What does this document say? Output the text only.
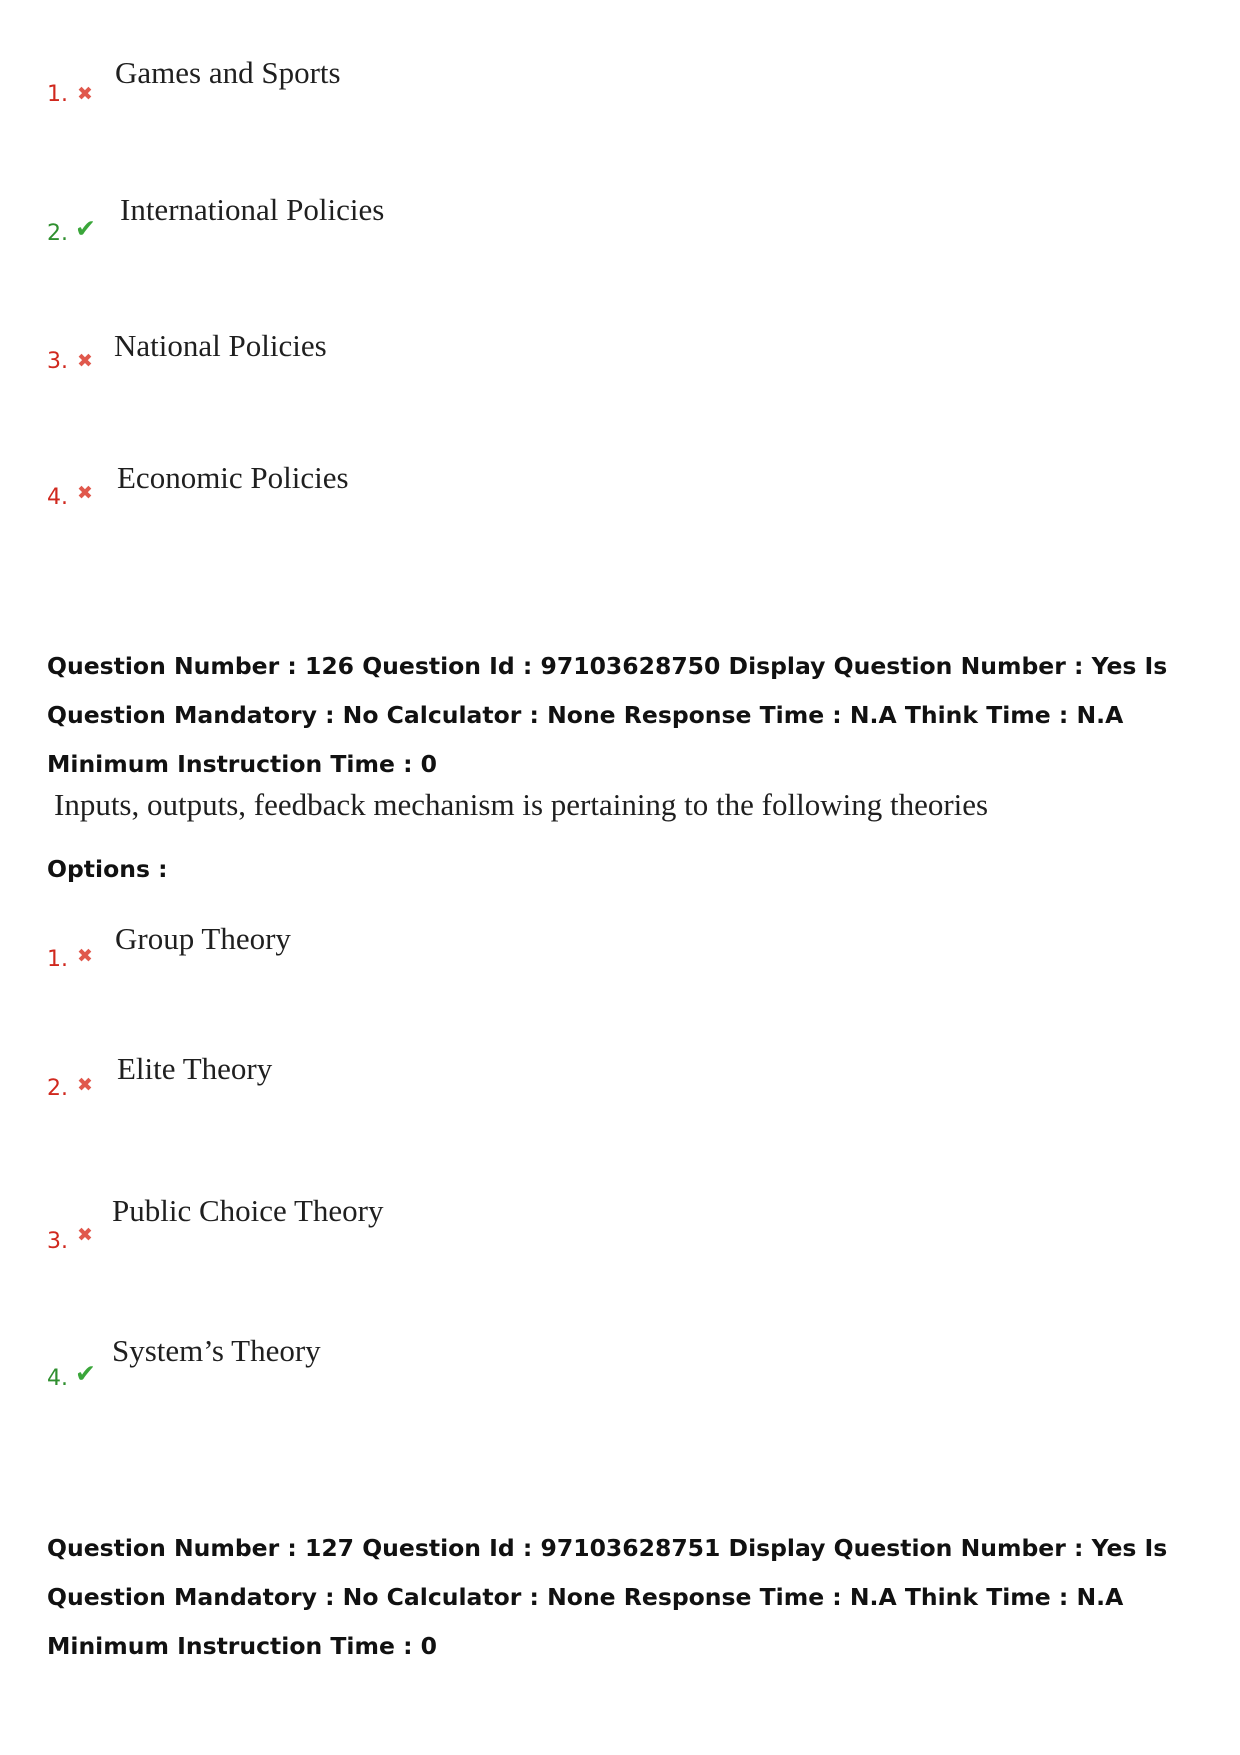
1. ✖
Games and Sports
2. ✔
International Policies
3. ✖ National Policies
4. ✖ Economic Policies
Question Number : 126 Question Id : 97103628750 Display Question Number : Yes Is Question Mandatory : No Calculator : None Response Time : N.A Think Time : N.A Minimum Instruction Time : 0
Inputs, outputs, feedback mechanism is pertaining to the following theories
Options :
1. ✖ Group Theory
2. ✖ Elite Theory
3. ✖
Public Choice Theory
4. ✔
System’s Theory
Question Number : 127 Question Id : 97103628751 Display Question Number : Yes Is Question Mandatory : No Calculator : None Response Time : N.A Think Time : N.A Minimum Instruction Time : 0
